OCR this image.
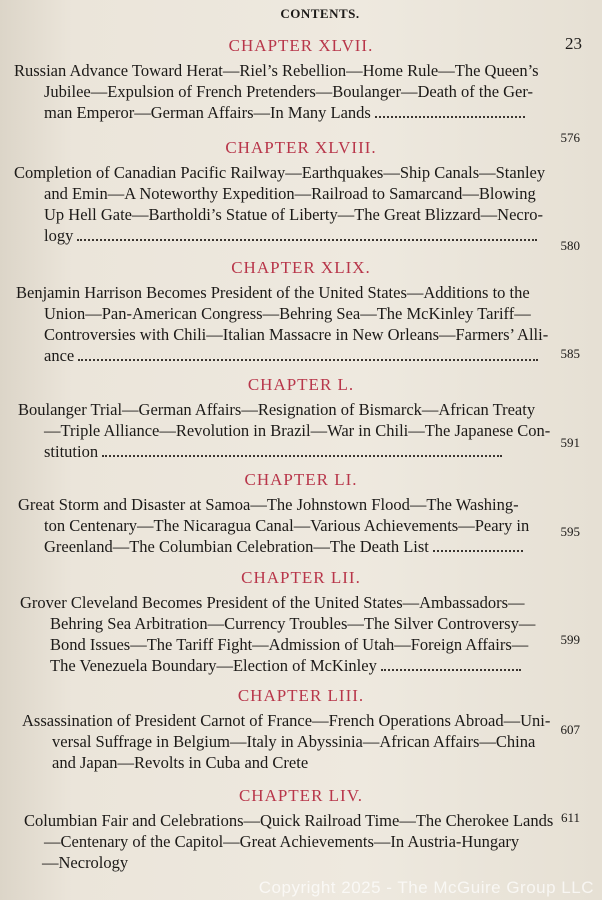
CONTENTS.
23
CHAPTER XLVII.
Russian Advance Toward Herat—Riel’s Rebellion—Home Rule—The Queen’s
Jubilee—Expulsion of French Pretenders—Boulanger—Death of the Ger-
man Emperor—German Affairs—In Many Lands
576
CHAPTER XLVIII.
Completion of Canadian Pacific Railway—Earthquakes—Ship Canals—Stanley
and Emin—A Noteworthy Expedition—Railroad to Samarcand—Blowing
Up Hell Gate—Bartholdi’s Statue of Liberty—The Great Blizzard—Necro-
logy
580
CHAPTER XLIX.
Benjamin Harrison Becomes President of the United States—Additions to the
Union—Pan-American Congress—Behring Sea—The McKinley Tariff—
Controversies with Chili—Italian Massacre in New Orleans—Farmers’ Alli-
ance	585
CHAPTER L.
Boulanger Trial—German Affairs—Resignation of Bismarck—African Treaty
—Triple Alliance—Revolution in Brazil—War in Chili—The Japanese Con-
stitution	591
CHAPTER LI.
Great Storm and Disaster at Samoa—The Johnstown Flood—The Washing-
ton Centenary—The Nicaragua Canal—Various Achievements—Peary in
Greenland—The Columbian Celebration—The Death List
595
CHAPTER LII.
Grover Cleveland Becomes President of the United States—Ambassadors—
Behring Sea Arbitration—Currency Troubles—The Silver Controversy—
Bond Issues—The Tariff Fight—Admission of Utah—Foreign Affairs—
The Venezuela Boundary—Election of McKinley
599
CHAPTER LIII.
Assassination of President Carnot of France—French Operations Abroad—Uni-
versal Suffrage in Belgium—Italy in Abyssinia—African Affairs—China
and Japan—Revolts in Cuba and Crete
607
CHAPTER LIV.
Columbian Fair and Celebrations—Quick Railroad Time—The Cherokee Lands
—Centenary of the Capitol—Great Achievements—In Austria-Hungary
—Necrology
611
Copyright 2025 - The McGuire Group LLC
